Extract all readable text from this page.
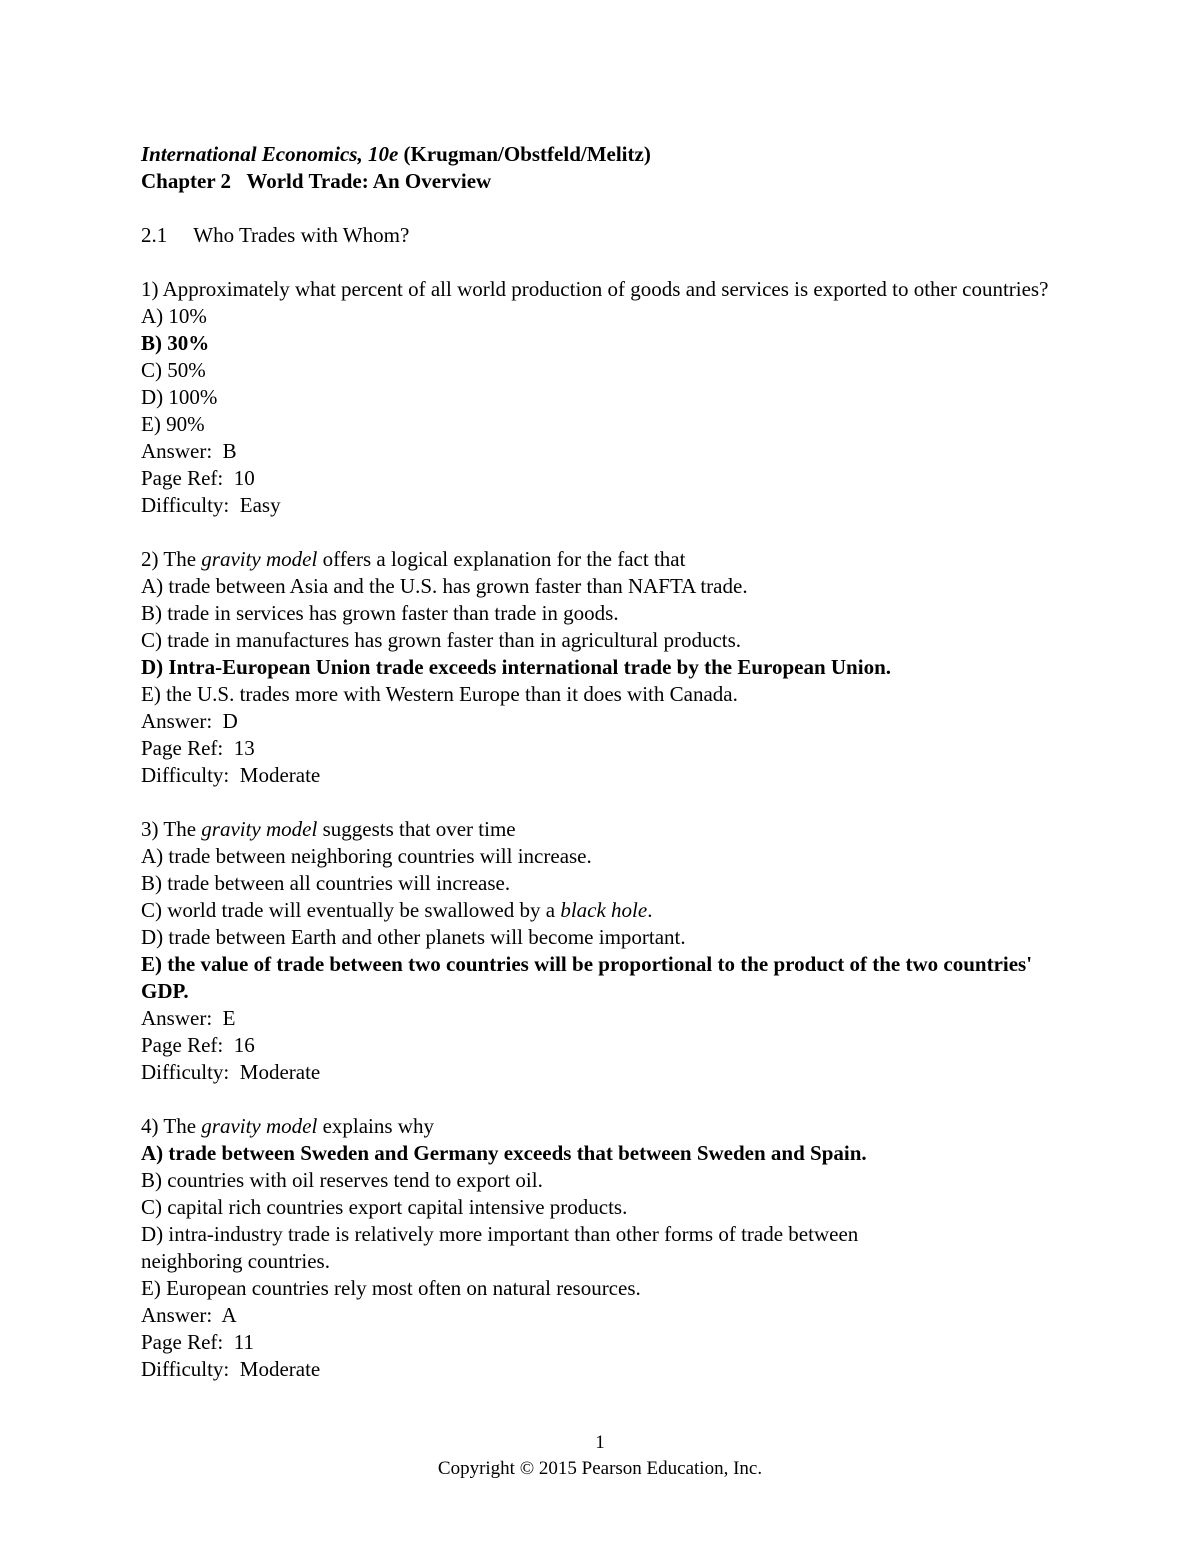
International Economics, 10e (Krugman/Obstfeld/Melitz)

Chapter 2   World Trade: An Overview

2.1 Who Trades with Whom?

1) Approximately what percent of all world production of goods and services is exported to other countries?

A) 10%

B) 30%

C) 50%

D) 100%

E) 90%

Answer:  B

Page Ref:  10

Difficulty:  Easy

2) The gravity model offers a logical explanation for the fact that

A) trade between Asia and the U.S. has grown faster than NAFTA trade.

B) trade in services has grown faster than trade in goods.

C) trade in manufactures has grown faster than in agricultural products.

D) Intra-European Union trade exceeds international trade by the European Union.

E) the U.S. trades more with Western Europe than it does with Canada.

Answer:  D

Page Ref:  13

Difficulty:  Moderate

3) The gravity model suggests that over time

A) trade between neighboring countries will increase.

B) trade between all countries will increase.

C) world trade will eventually be swallowed by a black hole.

D) trade between Earth and other planets will become important.

E) the value of trade between two countries will be proportional to the product of the two countries' GDP.

Answer:  E

Page Ref:  16

Difficulty:  Moderate

4) The gravity model explains why

A) trade between Sweden and Germany exceeds that between Sweden and Spain.

B) countries with oil reserves tend to export oil.

C) capital rich countries export capital intensive products.

D) intra-industry trade is relatively more important than other forms of trade between neighboring countries.

E) European countries rely most often on natural resources.

Answer:  A

Page Ref:  11

Difficulty:  Moderate

1
Copyright © 2015 Pearson Education, Inc.
